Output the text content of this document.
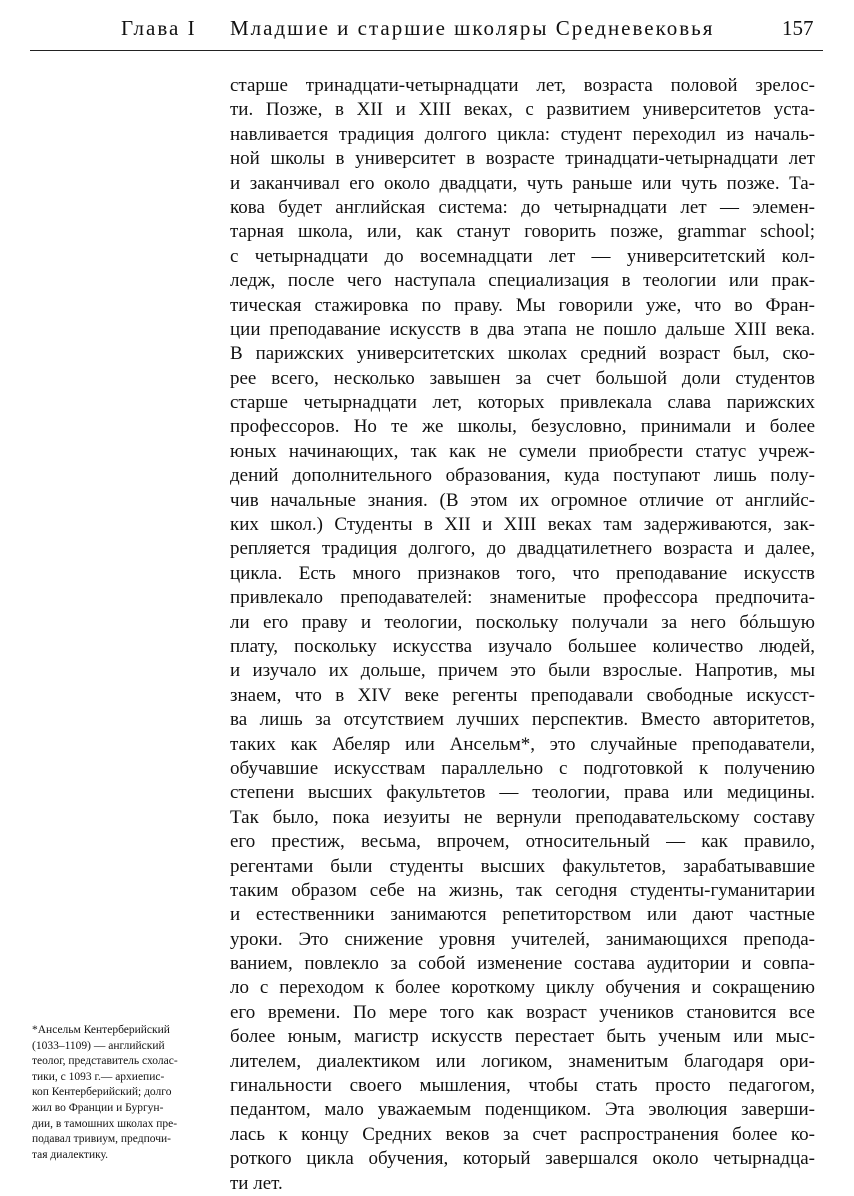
Глава I Младшие и старшие школяры Средневековья	157
старше тринадцати-четырнадцати лет, возраста половой зрелос-
ти. Позже, в XII и XIII веках, с развитием университетов уста-
навливается традиция долгого цикла: студент переходил из началь-
ной школы в университет в возрасте тринадцати-четырнадцати лет
и заканчивал его около двадцати, чуть раньше или чуть позже. Та-
кова будет английская система: до четырнадцати лет — элемен-
тарная школа, или, как станут говорить позже, grammar school;
с четырнадцати до восемнадцати лет — университетский кол-
ледж, после чего наступала специализация в теологии или прак-
тическая стажировка по праву. Мы говорили уже, что во Фран-
ции преподавание искусств в два этапа не пошло дальше XIII века.
В парижских университетских школах средний возраст был, ско-
рее всего, несколько завышен за счет большой доли студентов
старше четырнадцати лет, которых привлекала слава парижских
профессоров. Но те же школы, безусловно, принимали и более
юных начинающих, так как не сумели приобрести статус учреж-
дений дополнительного образования, куда поступают лишь полу-
чив начальные знания. (В этом их огромное отличие от английс-
ких школ.) Студенты в XII и XIII веках там задерживаются, зак-
репляется традиция долгого, до двадцатилетнего возраста и далее,
цикла. Есть много признаков того, что преподавание искусств
привлекало преподавателей: знаменитые профессора предпочита-
ли его праву и теологии, поскольку получали за него бóльшую
плату, поскольку искусства изучало большее количество людей,
и изучало их дольше, причем это были взрослые. Напротив, мы
знаем, что в XIV веке регенты преподавали свободные искусст-
ва лишь за отсутствием лучших перспектив. Вместо авторитетов,
таких как Абеляр или Ансельм*, это случайные преподаватели,
обучавшие искусствам параллельно с подготовкой к получению
степени высших факультетов — теологии, права или медицины.
Так было, пока иезуиты не вернули преподавательскому составу
его престиж, весьма, впрочем, относительный — как правило,
регентами были студенты высших факультетов, зарабатывавшие
таким образом себе на жизнь, так сегодня студенты-гуманитарии
и естественники занимаются репетиторством или дают частные
уроки. Это снижение уровня учителей, занимающихся препода-
ванием, повлекло за собой изменение состава аудитории и совпа-
ло с переходом к более короткому циклу обучения и сокращению
его времени. По мере того как возраст учеников становится все
более юным, магистр искусств перестает быть ученым или мыс-
лителем, диалектиком или логиком, знаменитым благодаря ори-
гинальности своего мышления, чтобы стать просто педагогом,
педантом, мало уважаемым поденщиком. Эта эволюция заверши-
лась к концу Средних веков за счет распространения более ко-
роткого цикла обучения, который завершался около четырнадца-
ти лет.
*Ансельм Кентерберийский
(1033–1109) — английский
теолог, представитель схолас-
тики, с 1093 г.— архиепис-
коп Кентерберийский; долго
жил во Франции и Бургун-
дии, в тамошних школах пре-
подавал тривиум, предпочи-
тая диалектику.
